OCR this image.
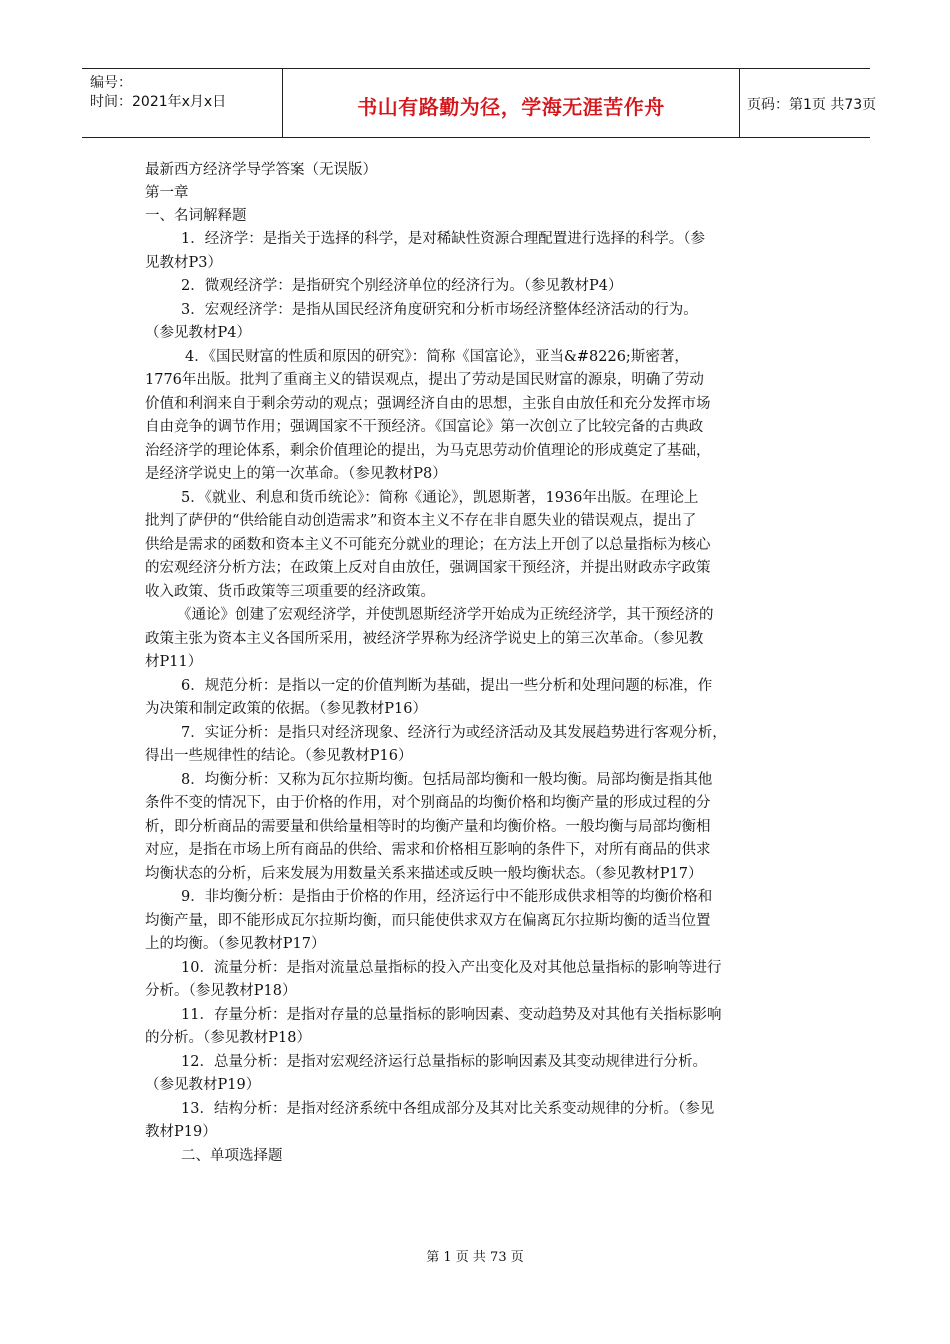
编号：
时间：2021年x月x日	书山有路勤为径，学海无涯苦作舟	页码：第1页 共73页
最新西方经济学导学答案（无误版）
第一章
一、名词解释题
1．经济学：是指关于选择的科学，是对稀缺性资源合理配置进行选择的科学。（参
见教材P3）
2．微观经济学：是指研究个别经济单位的经济行为。（参见教材P4）
3．宏观经济学：是指从国民经济角度研究和分析市场经济整体经济活动的行为。
（参见教材P4）
4．《国民财富的性质和原因的研究》：简称《国富论》，亚当&#8226;斯密著，
1776年出版。批判了重商主义的错误观点，提出了劳动是国民财富的源泉，明确了劳动
价值和利润来自于剩余劳动的观点；强调经济自由的思想，主张自由放任和充分发挥市场
自由竞争的调节作用；强调国家不干预经济。《国富论》第一次创立了比较完备的古典政
治经济学的理论体系，剩余价值理论的提出，为马克思劳动价值理论的形成奠定了基础，
是经济学说史上的第一次革命。（参见教材P8）
5．《就业、利息和货币统论》：简称《通论》，凯恩斯著，1936年出版。在理论上
批判了萨伊的“供给能自动创造需求”和资本主义不存在非自愿失业的错误观点，提出了
供给是需求的函数和资本主义不可能充分就业的理论；在方法上开创了以总量指标为核心
的宏观经济分析方法；在政策上反对自由放任，强调国家干预经济，并提出财政赤字政策
收入政策、货币政策等三项重要的经济政策。
《通论》创建了宏观经济学，并使凯恩斯经济学开始成为正统经济学，其干预经济的
政策主张为资本主义各国所采用，被经济学界称为经济学说史上的第三次革命。（参见教
材P11）
6．规范分析：是指以一定的价值判断为基础，提出一些分析和处理问题的标准，作
为决策和制定政策的依据。（参见教材P16）
7．实证分析：是指只对经济现象、经济行为或经济活动及其发展趋势进行客观分析，
得出一些规律性的结论。（参见教材P16）
8．均衡分析：又称为瓦尔拉斯均衡。包括局部均衡和一般均衡。局部均衡是指其他
条件不变的情况下，由于价格的作用，对个别商品的均衡价格和均衡产量的形成过程的分
析，即分析商品的需要量和供给量相等时的均衡产量和均衡价格。一般均衡与局部均衡相
对应，是指在市场上所有商品的供给、需求和价格相互影响的条件下，对所有商品的供求
均衡状态的分析，后来发展为用数量关系来描述或反映一般均衡状态。（参见教材P17）
9．非均衡分析：是指由于价格的作用，经济运行中不能形成供求相等的均衡价格和
均衡产量，即不能形成瓦尔拉斯均衡，而只能使供求双方在偏离瓦尔拉斯均衡的适当位置
上的均衡。（参见教材P17）
10．流量分析：是指对流量总量指标的投入产出变化及对其他总量指标的影响等进行
分析。（参见教材P18）
11．存量分析：是指对存量的总量指标的影响因素、变动趋势及对其他有关指标影响
的分析。（参见教材P18）
12．总量分析：是指对宏观经济运行总量指标的影响因素及其变动规律进行分析。
（参见教材P19）
13．结构分析：是指对经济系统中各组成部分及其对比关系变动规律的分析。（参见
教材P19）
二、单项选择题
第 1 页 共 73 页
